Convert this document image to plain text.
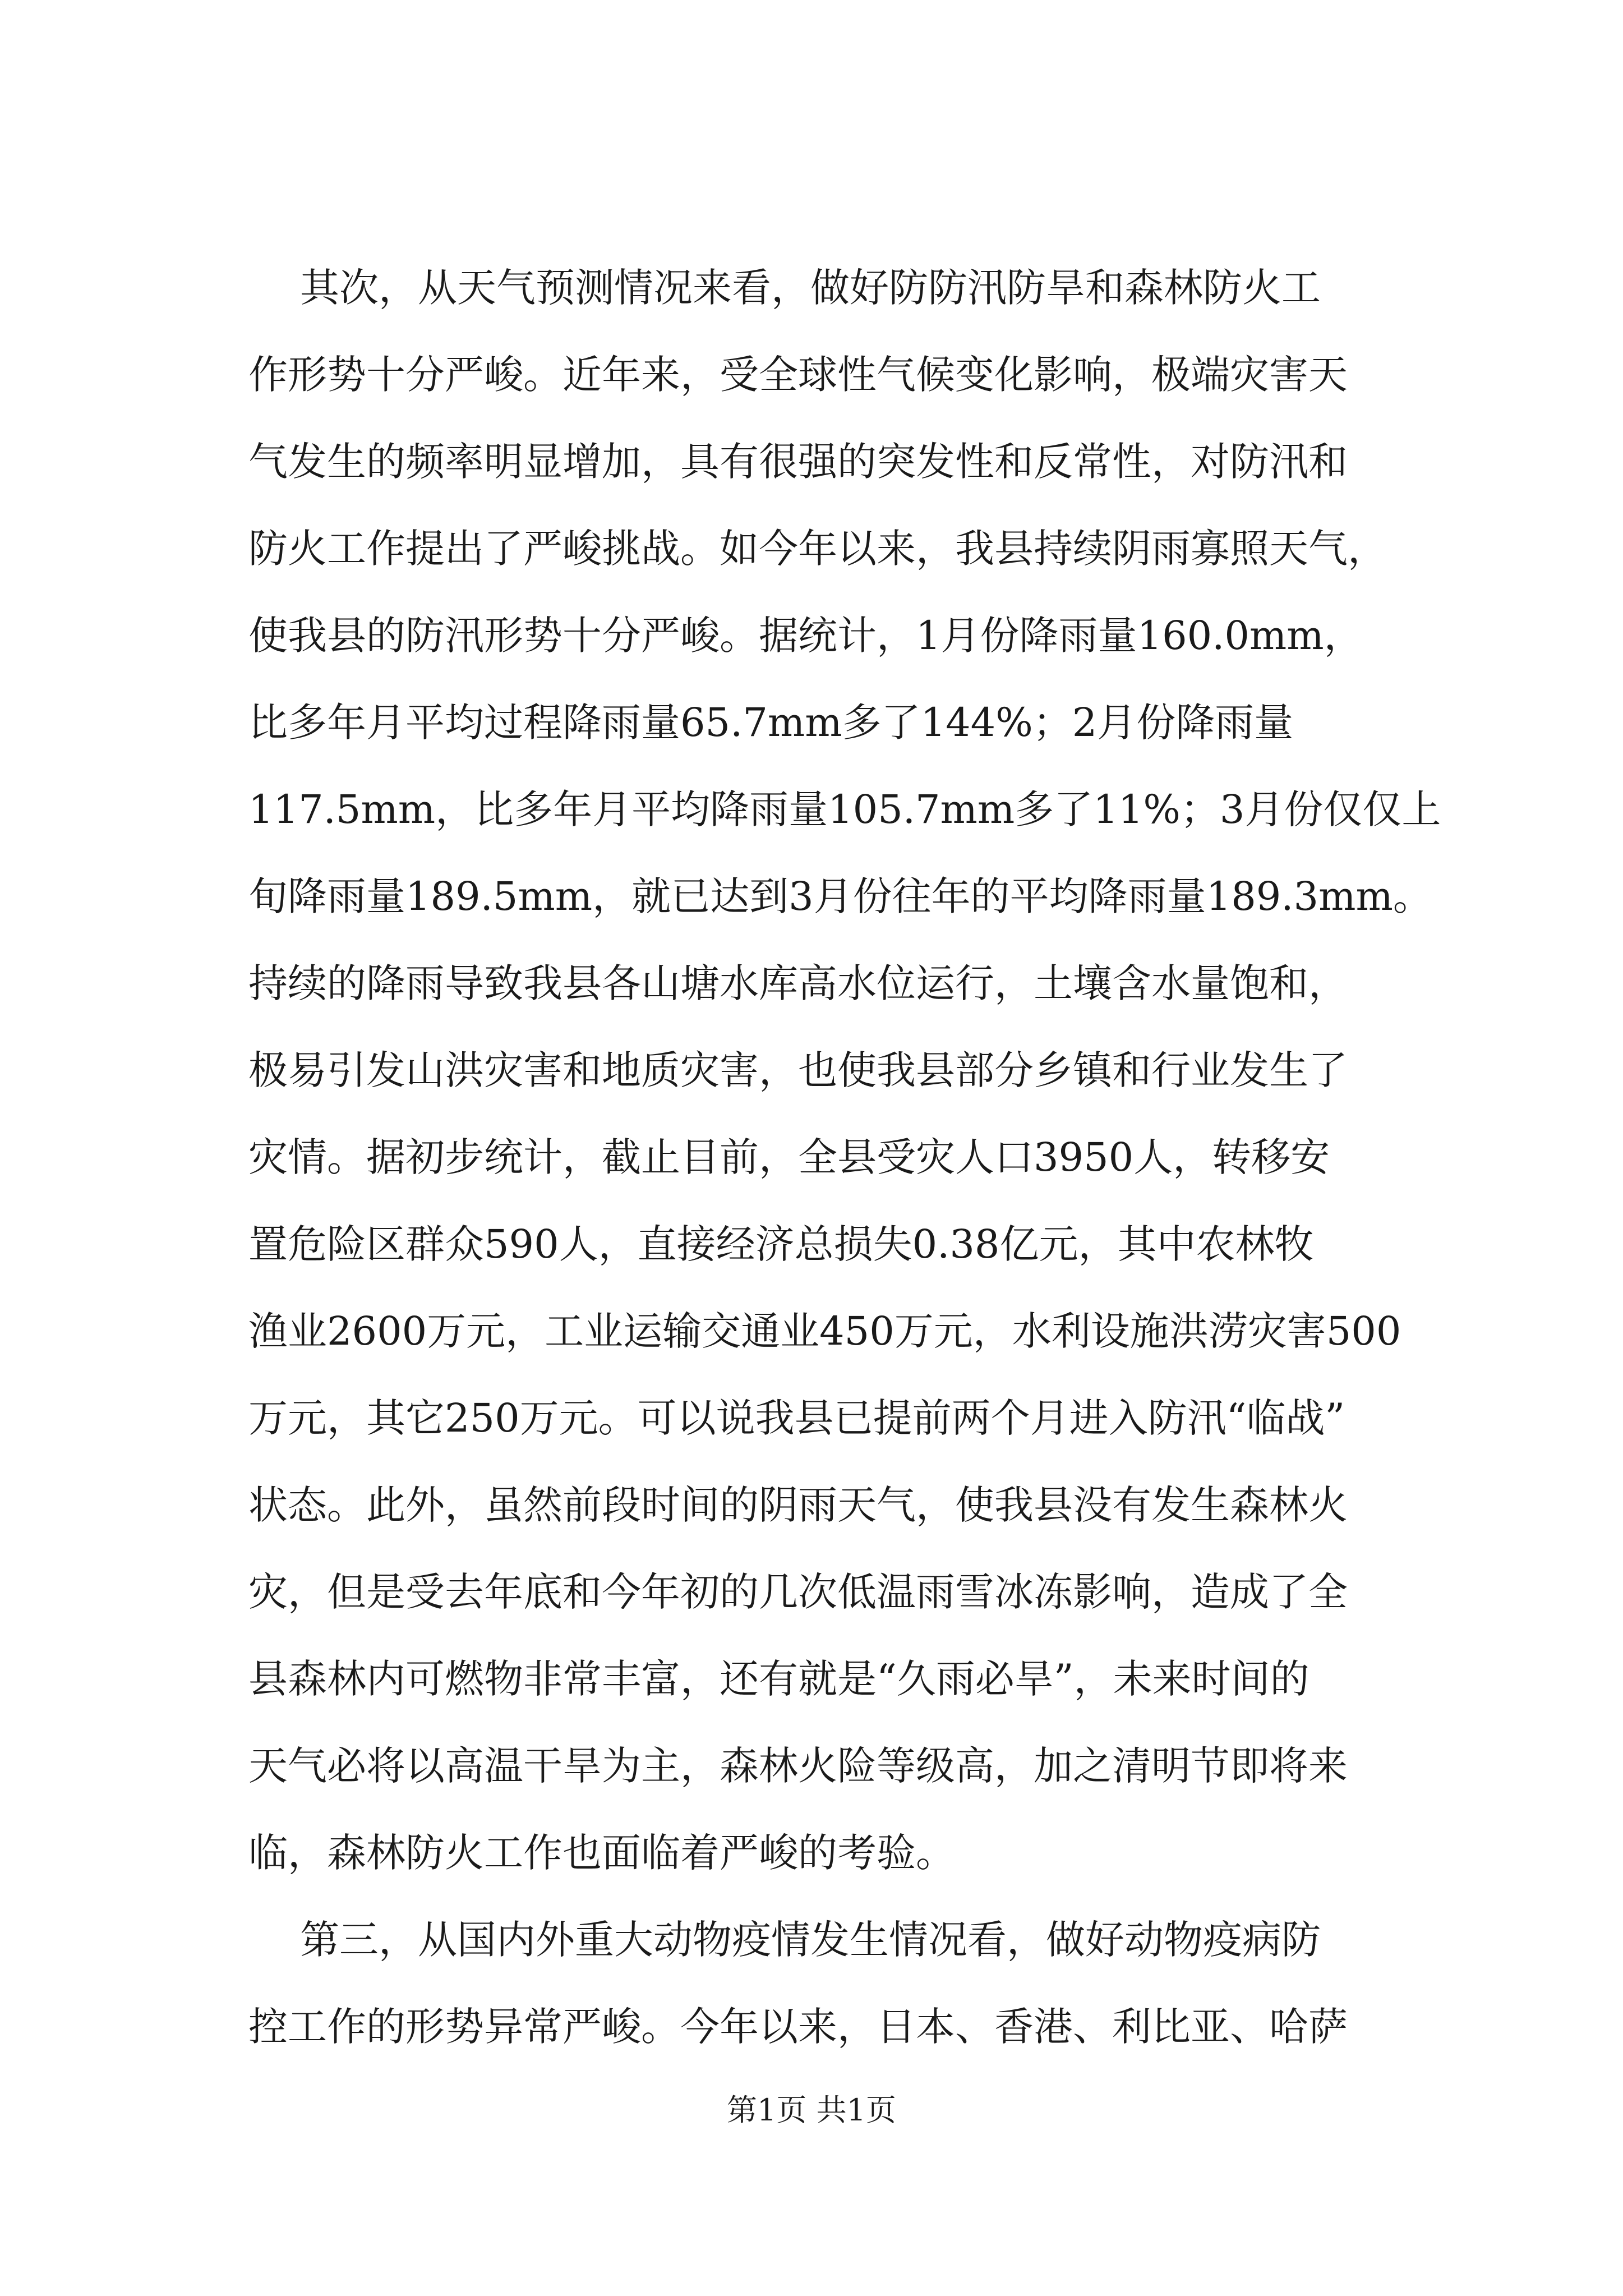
其次，从天气预测情况来看，做好防防汛防旱和森林防火工
作形势十分严峻。近年来，受全球性气候变化影响，极端灾害天
气发生的频率明显增加，具有很强的突发性和反常性，对防汛和
防火工作提出了严峻挑战。如今年以来，我县持续阴雨寡照天气，
使我县的防汛形势十分严峻。据统计，1月份降雨量160.0mm，
比多年月平均过程降雨量65.7mm多了144%；2月份降雨量
117.5mm，比多年月平均降雨量105.7mm多了11%；3月份仅仅上
旬降雨量189.5mm，就已达到3月份往年的平均降雨量189.3mm。
持续的降雨导致我县各山塘水库高水位运行，土壤含水量饱和，
极易引发山洪灾害和地质灾害，也使我县部分乡镇和行业发生了
灾情。据初步统计，截止目前，全县受灾人口3950人，转移安
置危险区群众590人，直接经济总损失0.38亿元，其中农林牧
渔业2600万元，工业运输交通业450万元，水利设施洪涝灾害500
万元，其它250万元。可以说我县已提前两个月进入防汛“临战”
状态。此外，虽然前段时间的阴雨天气，使我县没有发生森林火
灾，但是受去年底和今年初的几次低温雨雪冰冻影响，造成了全
县森林内可燃物非常丰富，还有就是“久雨必旱”，未来时间的
天气必将以高温干旱为主，森林火险等级高，加之清明节即将来
临，森林防火工作也面临着严峻的考验。
第三，从国内外重大动物疫情发生情况看，做好动物疫病防
控工作的形势异常严峻。今年以来，日本、香港、利比亚、哈萨
第1页 共1页
